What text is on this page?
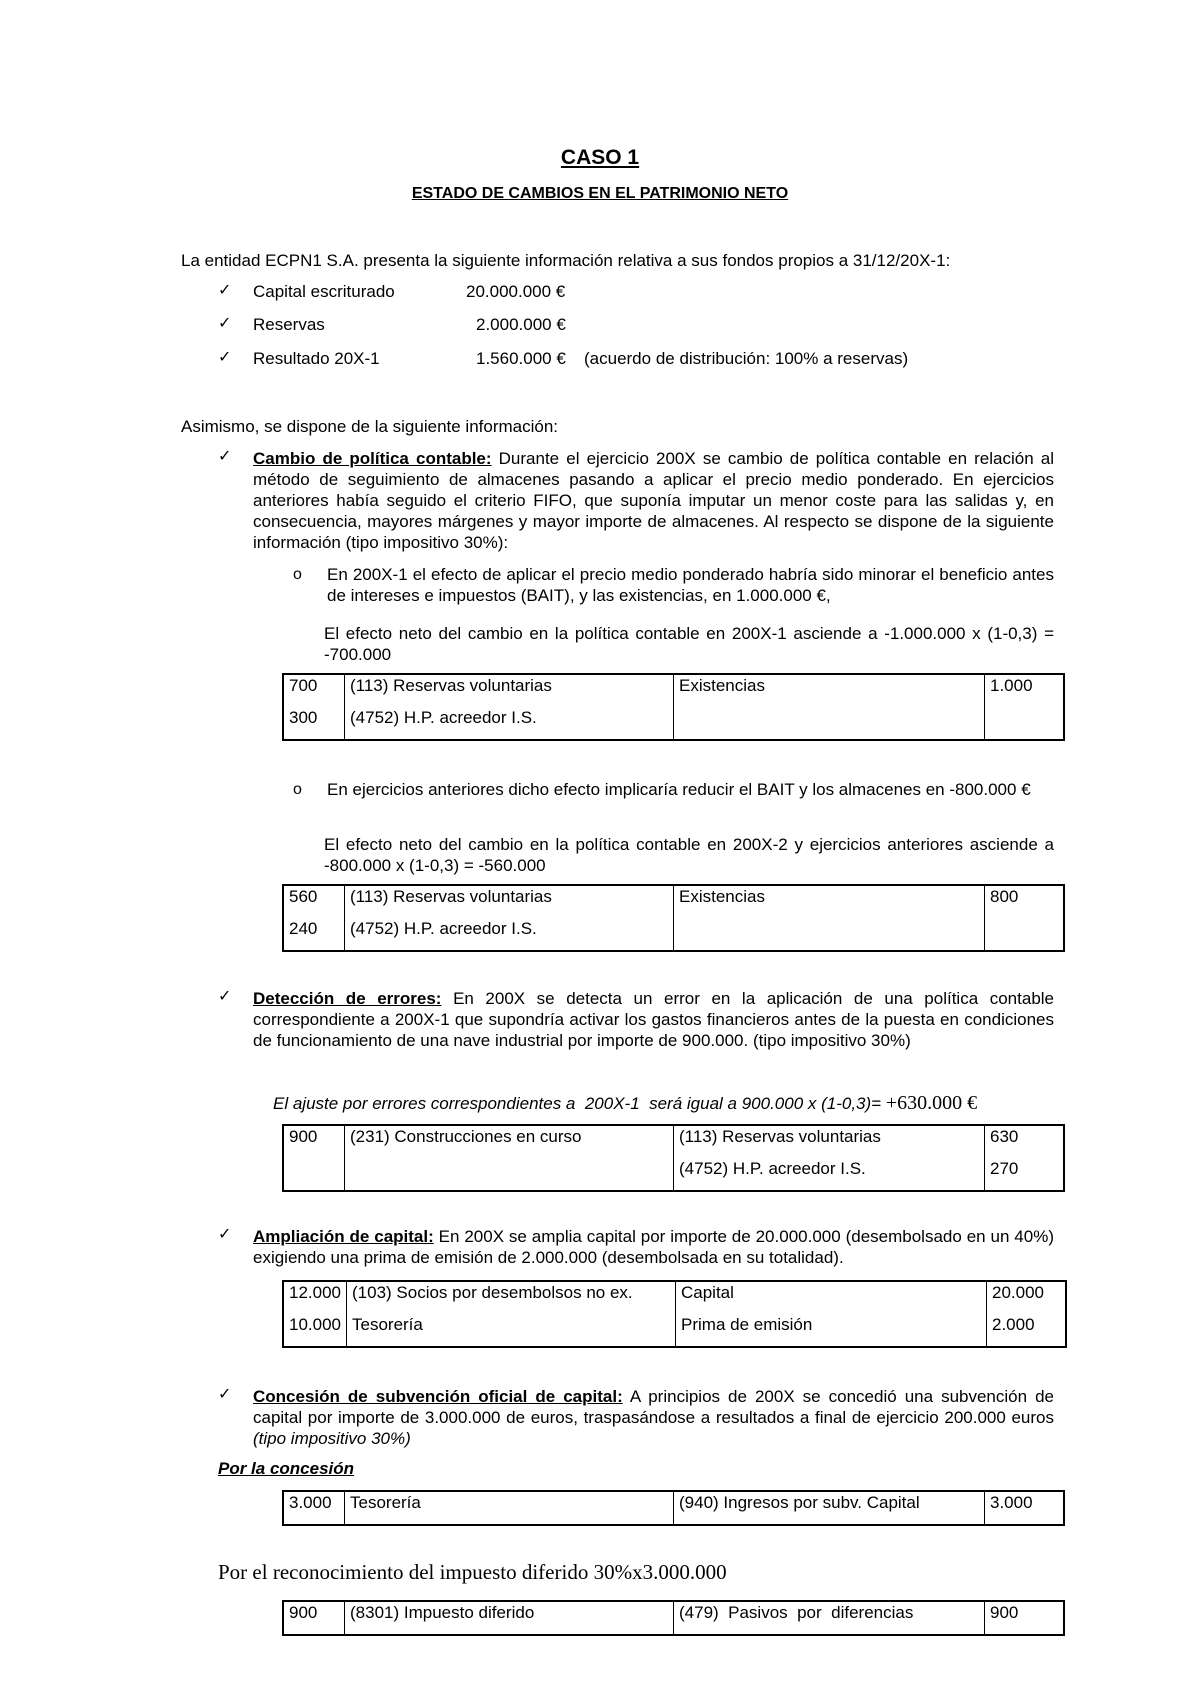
CASO 1
ESTADO DE CAMBIOS EN EL PATRIMONIO NETO
La entidad ECPN1 S.A. presenta la siguiente información relativa a sus fondos propios a 31/12/20X-1:
✓ Capital escriturado	20.000.000 €
✓ Reservas	2.000.000 €
✓ Resultado 20X-1	1.560.000 € (acuerdo de distribución: 100% a reservas)
Asimismo, se dispone de la siguiente información:
✓ Cambio de política contable: Durante el ejercicio 200X se cambio de política contable en relación al método de seguimiento de almacenes pasando a aplicar el precio medio ponderado. En ejercicios anteriores había seguido el criterio FIFO, que suponía imputar un menor coste para las salidas y, en consecuencia, mayores márgenes y mayor importe de almacenes. Al respecto se dispone de la siguiente información (tipo impositivo 30%):
o En 200X-1 el efecto de aplicar el precio medio ponderado habría sido minorar el beneficio antes de intereses e impuestos (BAIT), y las existencias, en 1.000.000 €,
El efecto neto del cambio en la política contable en 200X-1 asciende a -1.000.000 x (1-0,3) = -700.000
700	(113) Reservas voluntarias	Existencias	1.000
300	(4752) H.P. acreedor I.S.		
o En ejercicios anteriores dicho efecto implicaría reducir el BAIT y los almacenes en -800.000 €
El efecto neto del cambio en la política contable en 200X-2 y ejercicios anteriores asciende a -800.000 x (1-0,3) = -560.000
560	(113) Reservas voluntarias	Existencias	800
240	(4752) H.P. acreedor I.S.		
✓ Detección de errores: En 200X se detecta un error en la aplicación de una política contable correspondiente a 200X-1 que supondría activar los gastos financieros antes de la puesta en condiciones de funcionamiento de una nave industrial por importe de 900.000. (tipo impositivo 30%)
El ajuste por errores correspondientes a  200X-1  será igual a 900.000 x (1-0,3)= +630.000 €
900	(231) Construcciones en curso	(113) Reservas voluntarias	630
		(4752) H.P. acreedor I.S.	270
✓ Ampliación de capital: En 200X se amplia capital por importe de 20.000.000 (desembolsado en un 40%) exigiendo una prima de emisión de 2.000.000 (desembolsada en su totalidad).
12.000	(103) Socios por desembolsos no ex.	Capital	20.000
10.000	Tesorería	Prima de emisión	2.000
✓ Concesión de subvención oficial de capital: A principios de 200X se concedió una subvención de capital por importe de 3.000.000 de euros, traspasándose a resultados a final de ejercicio 200.000 euros (tipo impositivo 30%)
Por la concesión
3.000	Tesorería	(940) Ingresos por subv. Capital	3.000
Por el reconocimiento del impuesto diferido 30%x3.000.000
900	(8301) Impuesto diferido	(479)  Pasivos  por  diferencias	900
